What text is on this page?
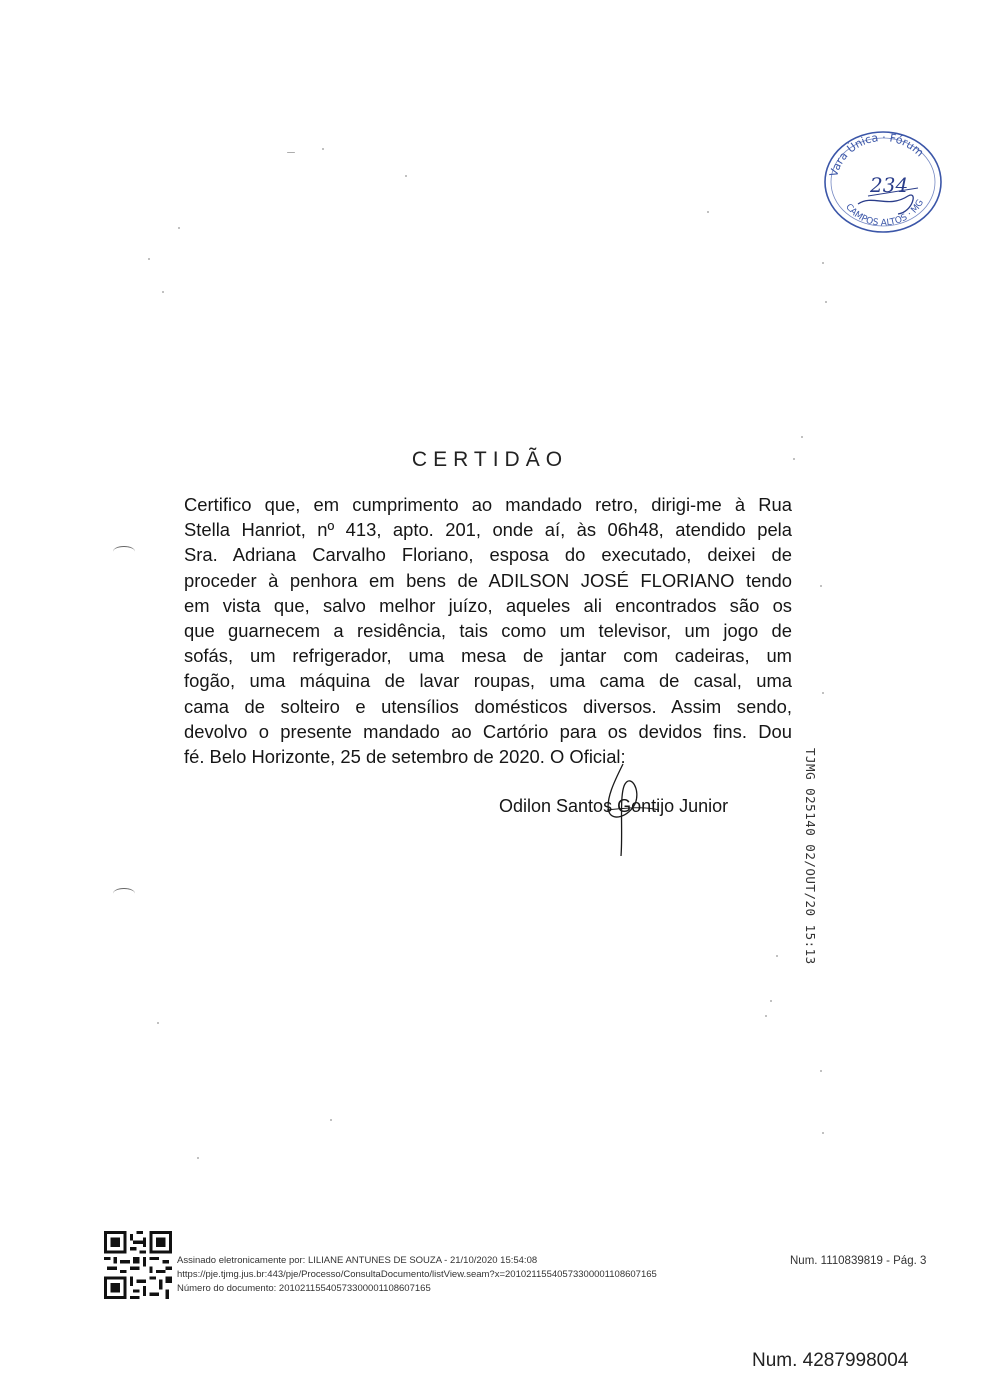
Vara Única · Fórum
CAMPOS ALTOS · MG
234
CERTIDÃO
Certifico que, em cumprimento ao mandado retro, dirigi-me à Rua
Stella Hanriot, nº 413, apto. 201, onde aí, às 06h48, atendido pela
Sra. Adriana Carvalho Floriano, esposa do executado, deixei de
proceder à penhora em bens de ADILSON JOSÉ FLORIANO tendo
em vista que, salvo melhor juízo, aqueles ali encontrados são os
que guarnecem a residência, tais como um televisor, um jogo de
sofás, um refrigerador, uma mesa de jantar com cadeiras, um
fogão, uma máquina de lavar roupas, uma cama de casal, uma
cama de solteiro e utensílios domésticos diversos. Assim sendo,
devolvo o presente mandado ao Cartório para os devidos fins. Dou
fé. Belo Horizonte, 25 de setembro de 2020. O Oficial:
Odilon Santos Gontijo Junior	TJMG 025140 02/OUT/20 15:13
Assinado eletronicamente por: LILIANE ANTUNES DE SOUZA - 21/10/2020 15:54:08
https://pje.tjmg.jus.br:443/pje/Processo/ConsultaDocumento/listView.seam?x=20102115540573300001108607165
Número do documento: 20102115540573300001108607165
Num. 1110839819 - Pág. 3
Num. 4287998004
